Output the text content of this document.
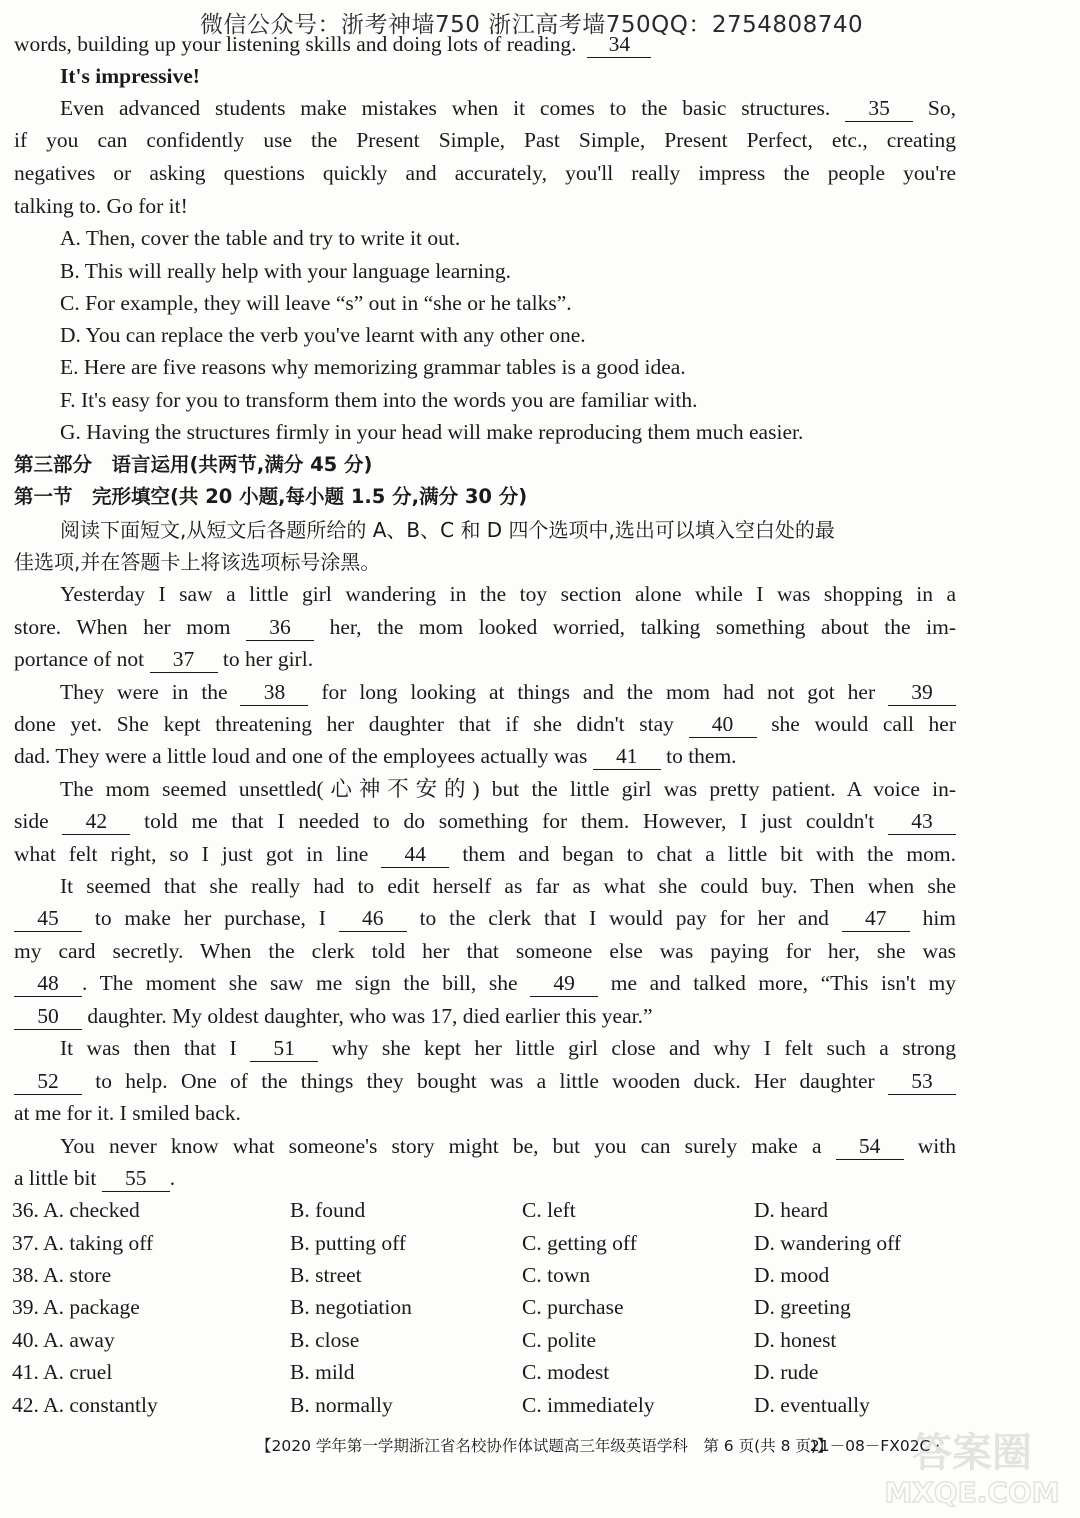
微信公众号：浙考神墙750 浙江高考墙750QQ：2754808740
words, building up your listening skills and doing lots of reading. 34
It's impressive!
Even advanced students make mistakes when it comes to the basic structures. 35 So,
if you can confidently use the Present Simple, Past Simple, Present Perfect, etc., creating
negatives or asking questions quickly and accurately, you'll really impress the people you're
talking to. Go for it!
A. Then, cover the table and try to write it out.
B. This will really help with your language learning.
C. For example, they will leave “s” out in “she or he talks”.
D. You can replace the verb you've learnt with any other one.
E. Here are five reasons why memorizing grammar tables is a good idea.
F. It's easy for you to transform them into the words you are familiar with.
G. Having the structures firmly in your head will make reproducing them much easier.
第三部分　语言运用(共两节,满分 45 分)
第一节　完形填空(共 20 小题,每小题 1.5 分,满分 30 分)
阅读下面短文,从短文后各题所给的 A、B、C 和 D 四个选项中,选出可以填入空白处的最
佳选项,并在答题卡上将该选项标号涂黑。
Yesterday I saw a little girl wandering in the toy section alone while I was shopping in a
store. When her mom 36 her, the mom looked worried, talking something about the im-
portance of not 37 to her girl.
They were in the 38 for long looking at things and the mom had not got her 39
done yet. She kept threatening her daughter that if she didn't stay 40 she would call her
dad. They were a little loud and one of the employees actually was 41 to them.
The mom seemed unsettled(心神不安的) but the little girl was pretty patient. A voice in-
side 42 told me that I needed to do something for them. However, I just couldn't 43
what felt right, so I just got in line 44 them and began to chat a little bit with the mom.
It seemed that she really had to edit herself as far as what she could buy. Then when she
45 to make her purchase, I 46 to the clerk that I would pay for her and 47 him
my card secretly. When the clerk told her that someone else was paying for her, she was
48 . The moment she saw me sign the bill, she 49 me and talked more, “This isn't my
50 daughter. My oldest daughter, who was 17, died earlier this year.”
It was then that I 51 why she kept her little girl close and why I felt such a strong
52 to help. One of the things they bought was a little wooden duck. Her daughter 53
at me for it. I smiled back.
You never know what someone's story might be, but you can surely make a 54 with
a little bit 55 .
36. A. checked	B. found	C. left	D. heard
37. A. taking off	B. putting off	C. getting off	D. wandering off
38. A. store	B. street	C. town	D. mood
39. A. package	B. negotiation	C. purchase	D. greeting
40. A. away	B. close	C. polite	D. honest
41. A. cruel	B. mild	C. modest	D. rude
42. A. constantly	B. normally	C. immediately	D. eventually
【2020 学年第一学期浙江省名校协作体试题高三年级英语学科　第 6 页(共 8 页)】
· 21－08－FX02C ·
答案圈
MXQE.COM
